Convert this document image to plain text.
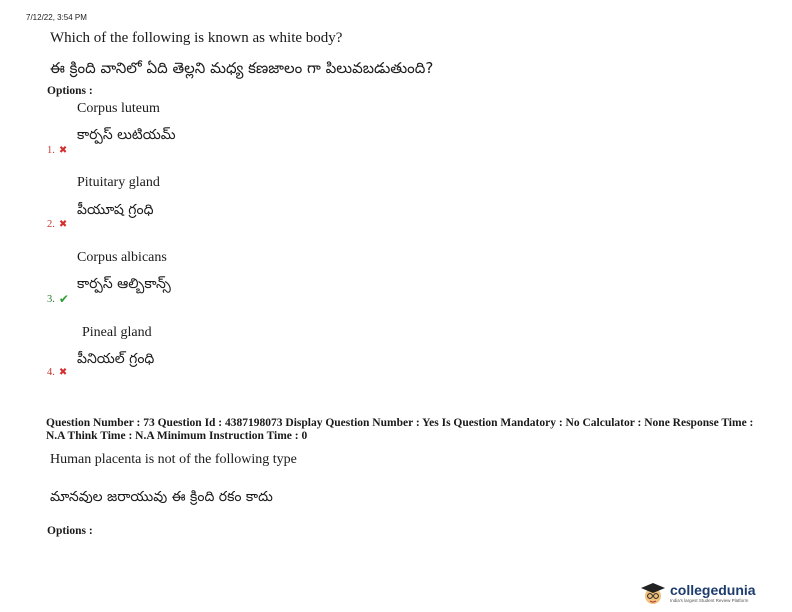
7/12/22, 3:54 PM
Which of the following is known as white body?
ఈ క్రింది వానిలో ఏది తెల్లని మధ్య కణజాలం గా పిలువబడుతుంది?
Options :
Corpus luteum
కార్పస్ లుటియమ్
1. ✖
Pituitary gland
పీయూష గ్రంధి
2. ✖
Corpus albicans
కార్పస్ ఆల్బికాన్స్
3. ✔
Pineal gland
పీనియల్ గ్రంధి
4. ✖
Question Number : 73 Question Id : 4387198073 Display Question Number : Yes Is Question Mandatory : No Calculator : None Response Time : N.A Think Time : N.A Minimum Instruction Time : 0
Human placenta is not of the following type
మానవుల జరాయువు ఈ క్రింది రకం కాదు
Options :
collegedunia
India's largest Student Review Platform
